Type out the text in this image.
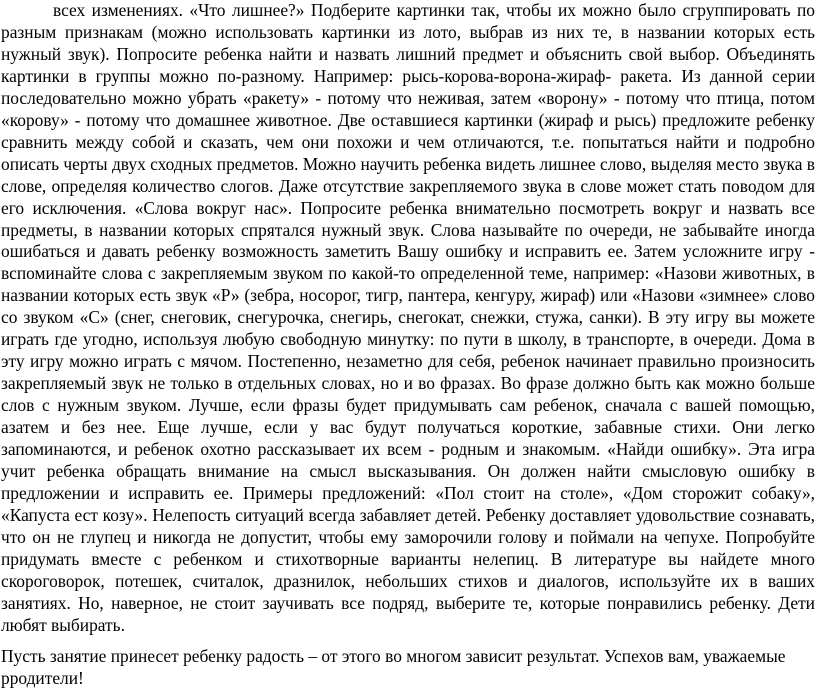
всех изменениях. «Что лишнее?» Подберите картинки так, чтобы их можно было сгруппировать по разным признакам (можно использовать картинки из лото, выбрав из них те, в названии которых есть нужный звук). Попросите ребенка найти и назвать лишний предмет и объяснить свой выбор. Объединять картинки в группы можно по-разному. Например: рысь-корова-ворона-жираф- ракета. Из данной серии последовательно можно убрать «ракету» - потому что неживая, затем «ворону» - потому что птица, потом «корову» - потому что домашнее животное. Две оставшиеся картинки (жираф и рысь) предложите ребенку сравнить между собой и сказать, чем они похожи и чем отличаются, т.е. попытаться найти и подробно описать черты двух сходных предметов. Можно научить ребенка видеть лишнее слово, выделяя место звука в слове, определяя количество слогов. Даже отсутствие закрепляемого звука в слове может стать поводом для его исключения. «Слова вокруг нас». Попросите ребенка внимательно посмотреть вокруг и назвать все предметы, в названии которых спрятался нужный звук. Слова называйте по очереди, не забывайте иногда ошибаться и давать ребенку возможность заметить Вашу ошибку и исправить ее. Затем усложните игру - вспоминайте слова с закрепляемым звуком по какой-то определенной теме, например: «Назови животных, в названии которых есть звук «Р» (зебра, носорог, тигр, пантера, кенгуру, жираф) или «Назови «зимнее» слово со звуком «С» (снег, снеговик, снегурочка, снегирь, снегокат, снежки, стужа, санки). В эту игру вы можете играть где угодно, используя любую свободную минутку: по пути в школу, в транспорте, в очереди. Дома в эту игру можно играть с мячом. Постепенно, незаметно для себя, ребенок начинает правильно произносить закрепляемый звук не только в отдельных словах, но и во фразах. Во фразе должно быть как можно больше слов с нужным звуком. Лучше, если фразы будет придумывать сам ребенок, сначала с вашей помощью, азатем и без нее. Еще лучше, если у вас будут получаться короткие, забавные стихи. Они легко запоминаются, и ребенок охотно рассказывает их всем - родным и знакомым. «Найди ошибку». Эта игра учит ребенка обращать внимание на смысл высказывания. Он должен найти смысловую ошибку в предложении и исправить ее. Примеры предложений: «Пол стоит на столе», «Дом сторожит собаку», «Капуста ест козу». Нелепость ситуаций всегда забавляет детей. Ребенку доставляет удовольствие сознавать, что он не глупец и никогда не допустит, чтобы ему заморочили голову и поймали на чепухе. Попробуйте придумать вместе с ребенком и стихотворные варианты нелепиц. В литературе вы найдете много скороговорок, потешек, считалок, дразнилок, небольших стихов и диалогов, используйте их в ваших занятиях. Но, наверное, не стоит заучивать все подряд, выберите те, которые понравились ребенку. Дети любят выбирать.

Пусть занятие принесет ребенку радость – от этого во многом зависит результат. Успехов вам, уважаемые рродители!
